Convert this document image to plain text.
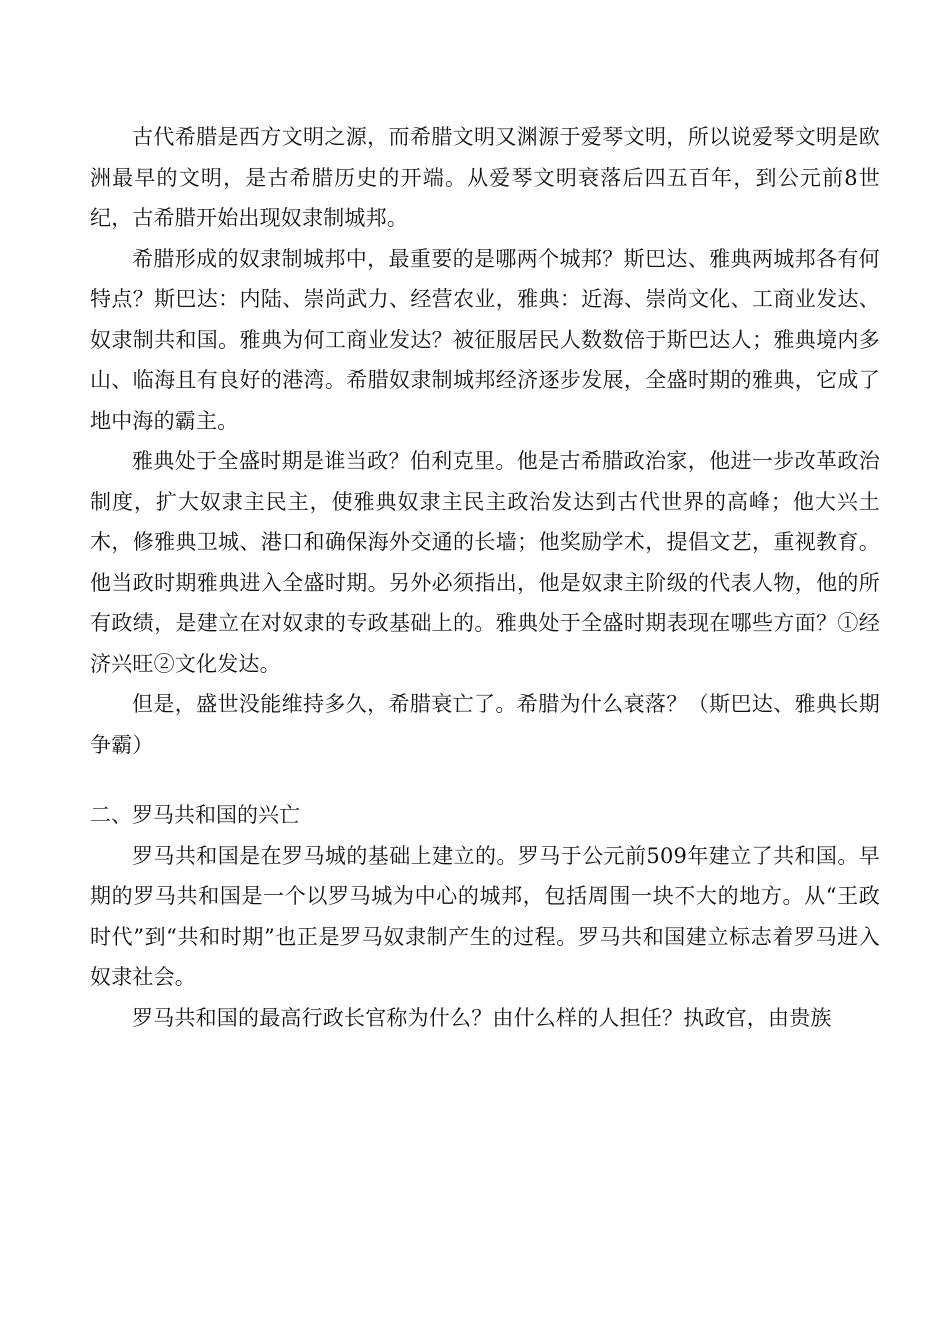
古代希腊是西方文明之源，而希腊文明又渊源于爱琴文明，所以说爱琴文明是欧洲最早的文明，是古希腊历史的开端。从爱琴文明衰落后四五百年，到公元前8世纪，古希腊开始出现奴隶制城邦。

希腊形成的奴隶制城邦中，最重要的是哪两个城邦？斯巴达、雅典两城邦各有何特点？斯巴达：内陆、崇尚武力、经营农业，雅典：近海、崇尚文化、工商业发达、奴隶制共和国。雅典为何工商业发达？被征服居民人数数倍于斯巴达人；雅典境内多山、临海且有良好的港湾。希腊奴隶制城邦经济逐步发展，全盛时期的雅典，它成了地中海的霸主。

雅典处于全盛时期是谁当政？伯利克里。他是古希腊政治家，他进一步改革政治制度，扩大奴隶主民主，使雅典奴隶主民主政治发达到古代世界的高峰；他大兴土木，修雅典卫城、港口和确保海外交通的长墙；他奖励学术，提倡文艺，重视教育。他当政时期雅典进入全盛时期。另外必须指出，他是奴隶主阶级的代表人物，他的所有政绩，是建立在对奴隶的专政基础上的。雅典处于全盛时期表现在哪些方面？①经济兴旺②文化发达。

但是，盛世没能维持多久，希腊衰亡了。希腊为什么衰落？（斯巴达、雅典长期争霸）

二、罗马共和国的兴亡

罗马共和国是在罗马城的基础上建立的。罗马于公元前509年建立了共和国。早期的罗马共和国是一个以罗马城为中心的城邦，包括周围一块不大的地方。从“王政时代”到“共和时期”也正是罗马奴隶制产生的过程。罗马共和国建立标志着罗马进入奴隶社会。

罗马共和国的最高行政长官称为什么？由什么样的人担任？执政官，由贵族
